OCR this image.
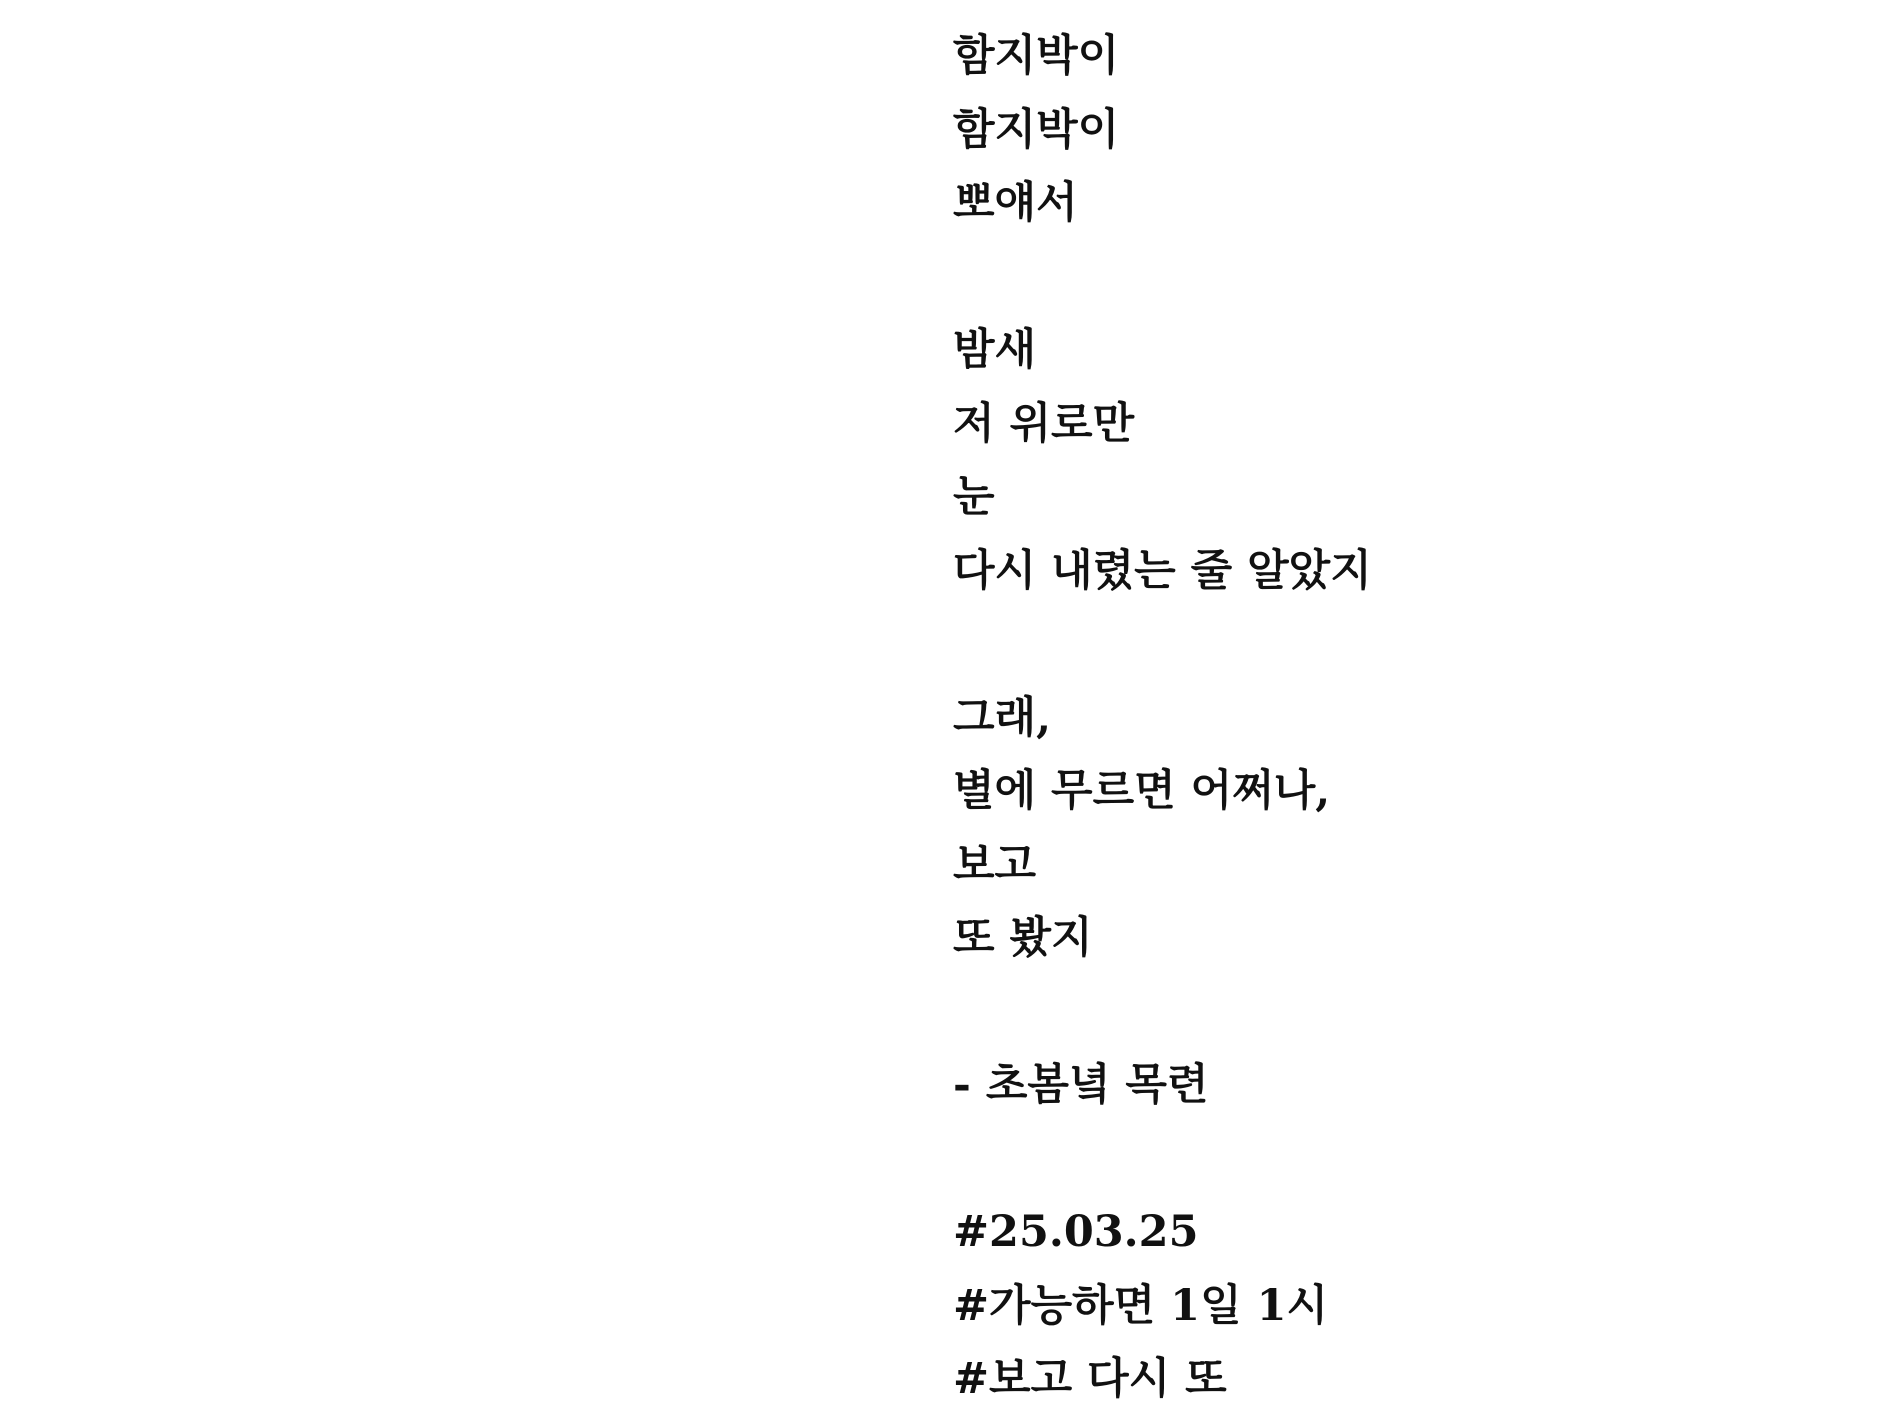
함지박이
함지박이
뽀얘서
밤새
저 위로만
눈
다시 내렸는 줄 알았지
그래,
별에 무르면 어쩌나,
보고
또 봤지
- 초봄녘 목련
#25.03.25
#가능하면 1일 1시
#보고 다시 또
